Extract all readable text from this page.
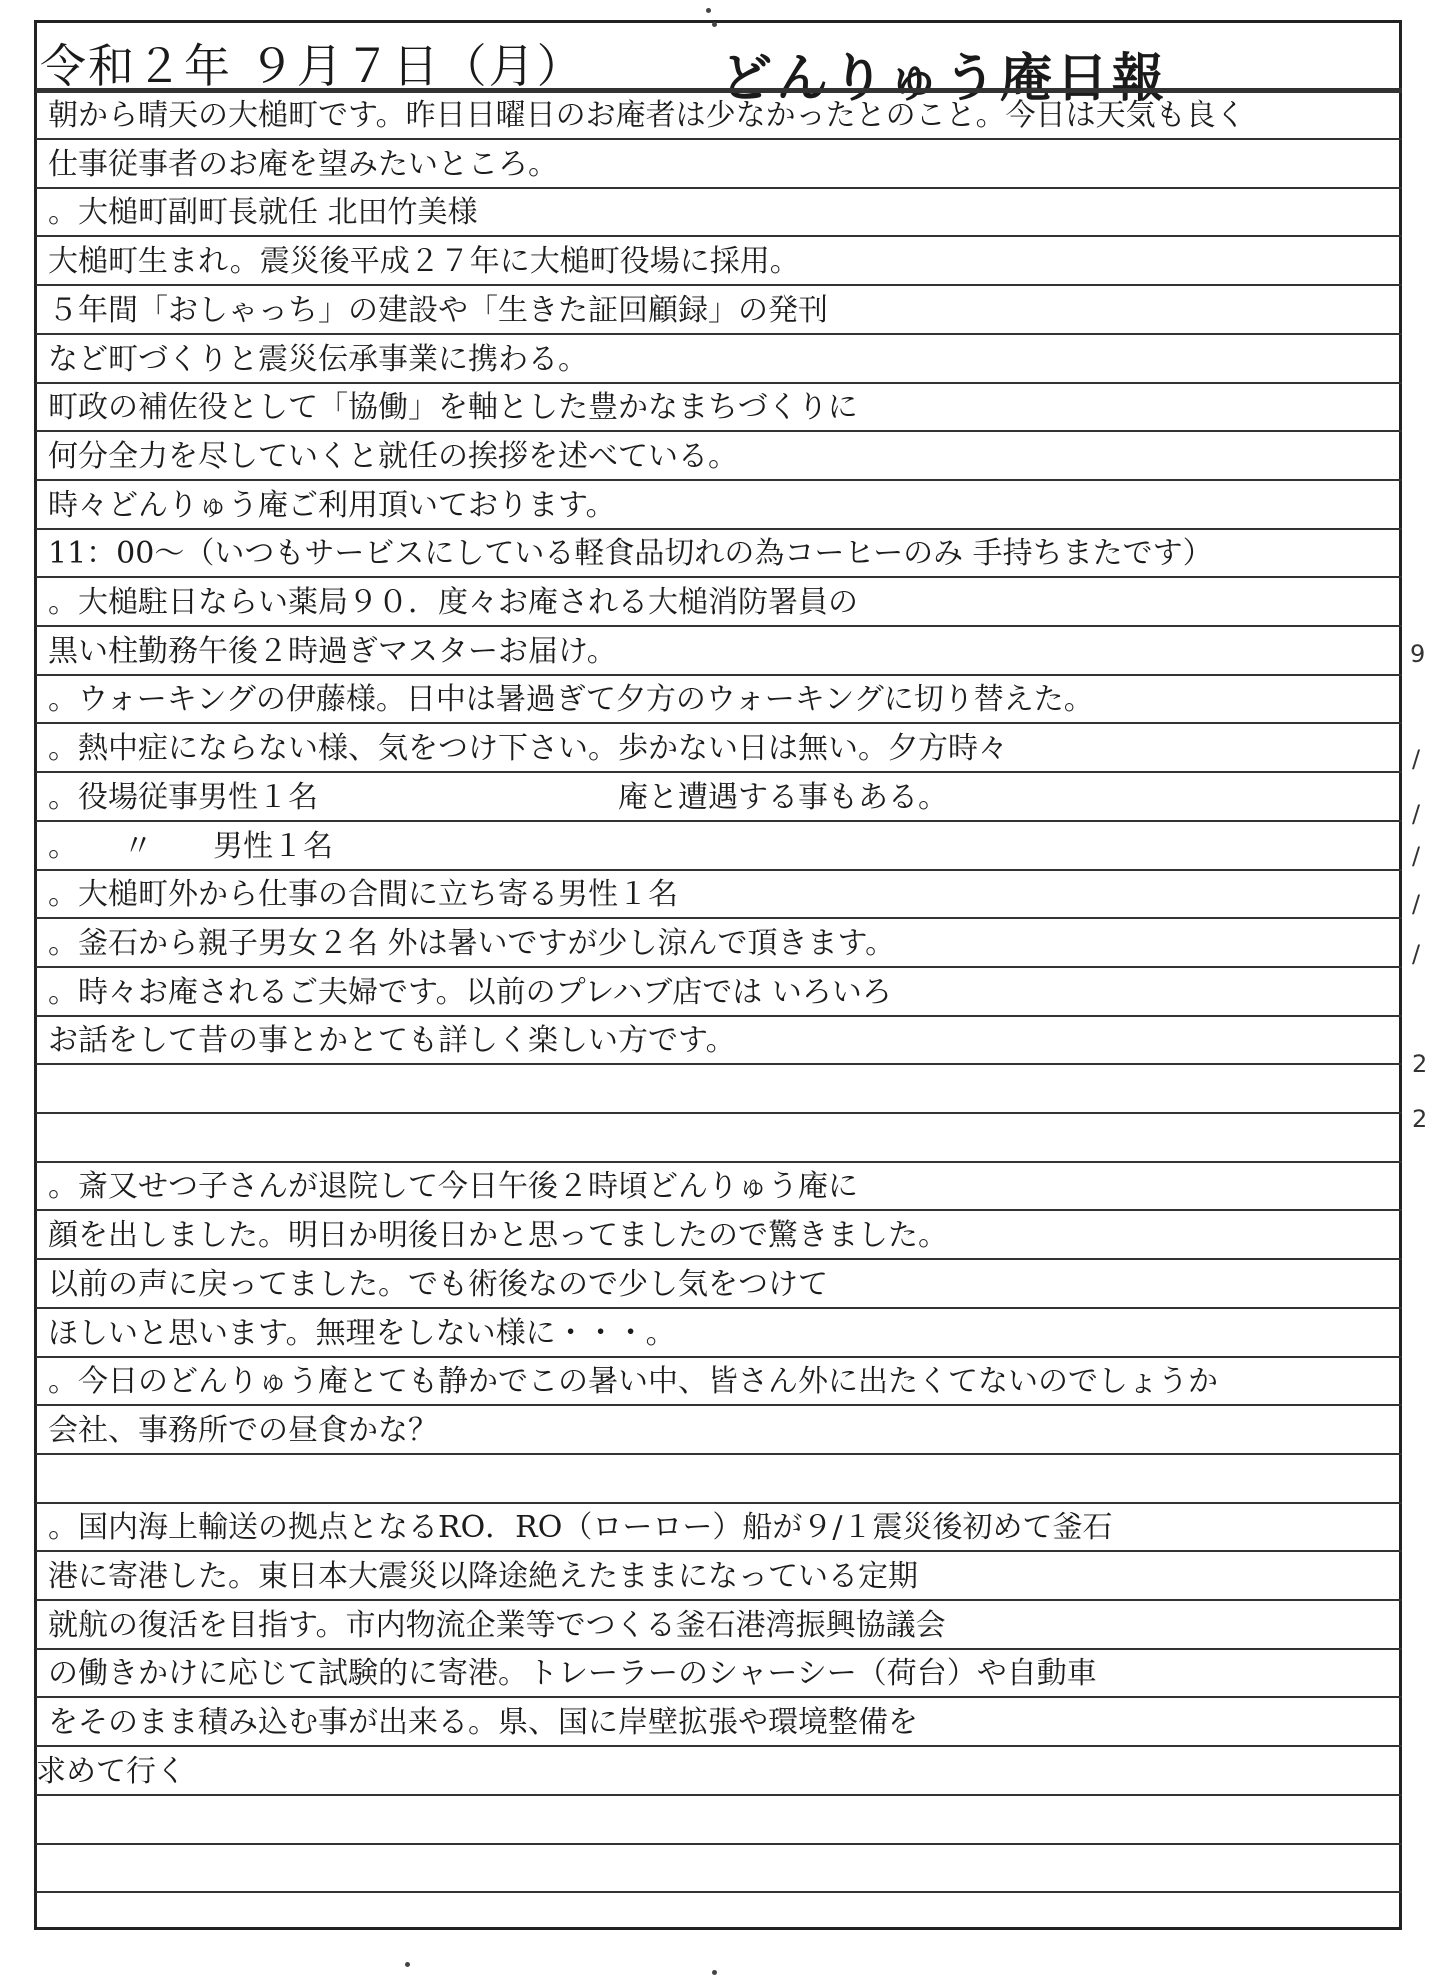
令和２年 ９月７日（月）	どんりゅう庵日報
朝から晴天の大槌町です。昨日日曜日のお庵者は少なかったとのこと。今日は天気も良く
仕事従事者のお庵を望みたいところ。
。大槌町副町長就任 北田竹美様
大槌町生まれ。震災後平成２７年に大槌町役場に採用。
５年間「おしゃっち」の建設や「生きた証回顧録」の発刊
など町づくりと震災伝承事業に携わる。
町政の補佐役として「協働」を軸とした豊かなまちづくりに
何分全力を尽していくと就任の挨拶を述べている。
時々どんりゅう庵ご利用頂いております。
11：00～（いつもサービスにしている軽食品切れの為コーヒーのみ 手持ちまたです）
。大槌駐日ならい薬局９０．度々お庵される大槌消防署員の
黒い柱勤務午後２時過ぎマスターお届け。
。ウォーキングの伊藤様。日中は暑過ぎて夕方のウォーキングに切り替えた。
。熱中症にならない様、気をつけ下さい。歩かない日は無い。夕方時々
。役場従事男性１名　　　　　　　　　　庵と遭遇する事もある。
。　　〃　　男性１名
。大槌町外から仕事の合間に立ち寄る男性１名
。釜石から親子男女２名 外は暑いですが少し涼んで頂きます。
。時々お庵されるご夫婦です。以前のプレハブ店では いろいろ
お話をして昔の事とかとても詳しく楽しい方です。
。斎又せつ子さんが退院して今日午後２時頃どんりゅう庵に
顔を出しました。明日か明後日かと思ってましたので驚きました。
以前の声に戻ってました。でも術後なので少し気をつけて
ほしいと思います。無理をしない様に・・・。
。今日のどんりゅう庵とても静かでこの暑い中、皆さん外に出たくてないのでしょうか
会社、事務所での昼食かな？
。国内海上輸送の拠点となるRO．RO（ローロー）船が９/１震災後初めて釜石
港に寄港した。東日本大震災以降途絶えたままになっている定期
就航の復活を目指す。市内物流企業等でつくる釜石港湾振興協議会
の働きかけに応じて試験的に寄港。トレーラーのシャーシー（荷台）や自動車
をそのまま積み込む事が出来る。県、国に岸壁拡張や環境整備を
求めて行く
9
/
/
/
/
/
2
2
